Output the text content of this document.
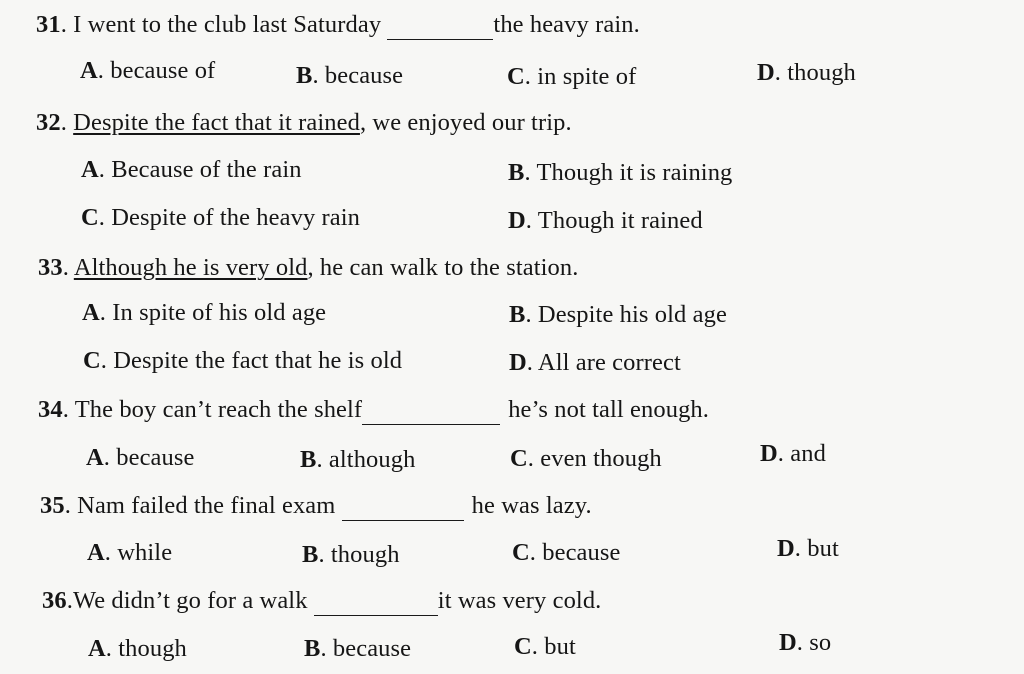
31. I went to the club last Saturday	the heavy rain.
A. because of	B. because	C. in spite of	D. though
32. Despite the fact that it rained, we enjoyed our trip.
A. Because of the rain	B. Though it is raining
C. Despite of the heavy rain	D. Though it rained
33. Although he is very old, he can walk to the station.
A. In spite of his old age	B. Despite his old age
C. Despite the fact that he is old	D. All are correct
34. The boy can’t reach the shelf	he’s not tall enough.
A. because	B. although	C. even though	D. and
35. Nam failed the final exam	he was lazy.
A. while	B. though	C. because	D. but
36.We didn’t go for a walk	it was very cold.
A. though	B. because	C. but	D. so
